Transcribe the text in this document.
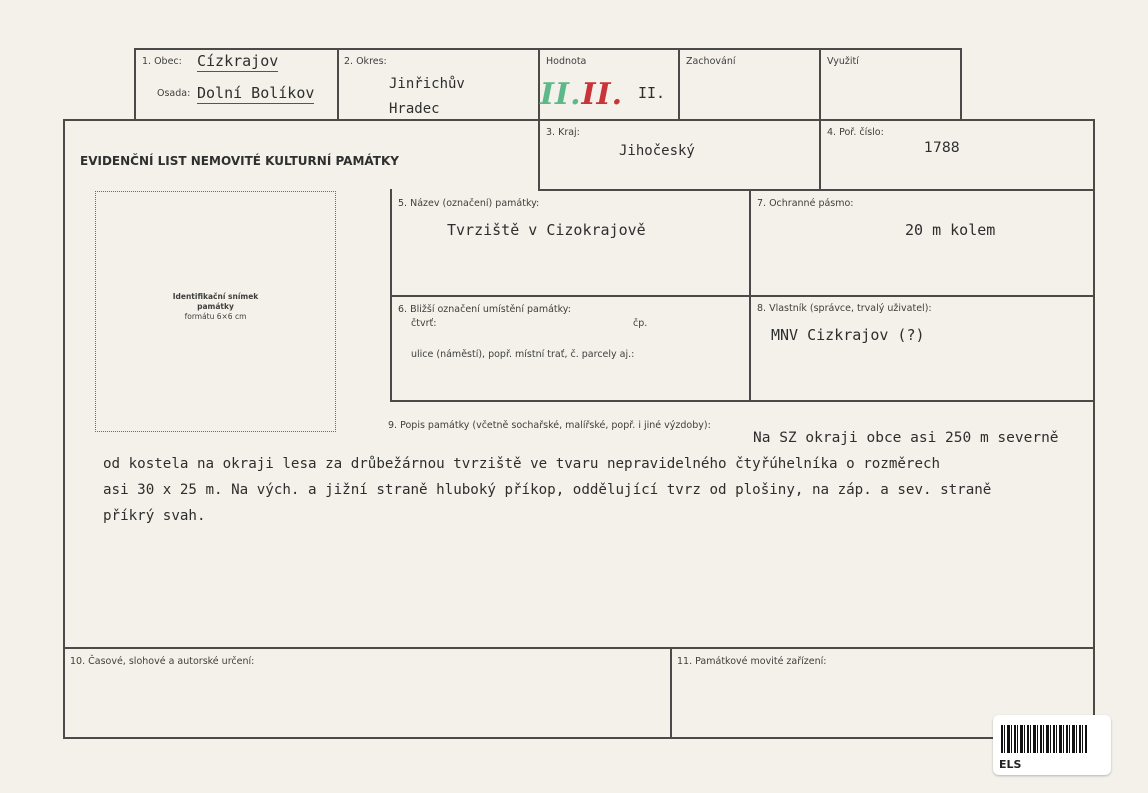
1. Obec: Cízkrajov
Osada: Dolní Bolíkov
2. Okres:
Jinřichův
Hradec
Hodnota
II.II. II.
Zachování	Využití
EVIDENČNÍ LIST NEMOVITÉ KULTURNÍ PAMÁTKY
3. Kraj:
Jihočeský
4. Poř. číslo:
1788
Identifikační snímek
památky
formátu 6×6 cm
5. Název (označení) památky:
Tvrziště v Cizokrajově
7. Ochranné pásmo:
20 m kolem
6. Bližší označení umístění památky:
čtvrť:	čp.
ulice (náměstí), popř. místní trať, č. parcely aj.:
8. Vlastník (správce, trvalý uživatel):
MNV Cizkrajov (?)
9. Popis památky (včetně sochařské, malířské, popř. i jiné výzdoby):
Na SZ okraji obce asi 250 m severně
od kostela na okraji lesa za drůbežárnou tvrziště ve tvaru nepravidelného čtyřúhelníka o rozměrech
asi 30 x 25 m. Na vých. a jižní straně hluboký příkop, oddělující tvrz od plošiny, na záp. a sev. straně
příkrý svah.
10. Časové, slohové a autorské určení:	11. Památkové movité zařízení:
ELS
